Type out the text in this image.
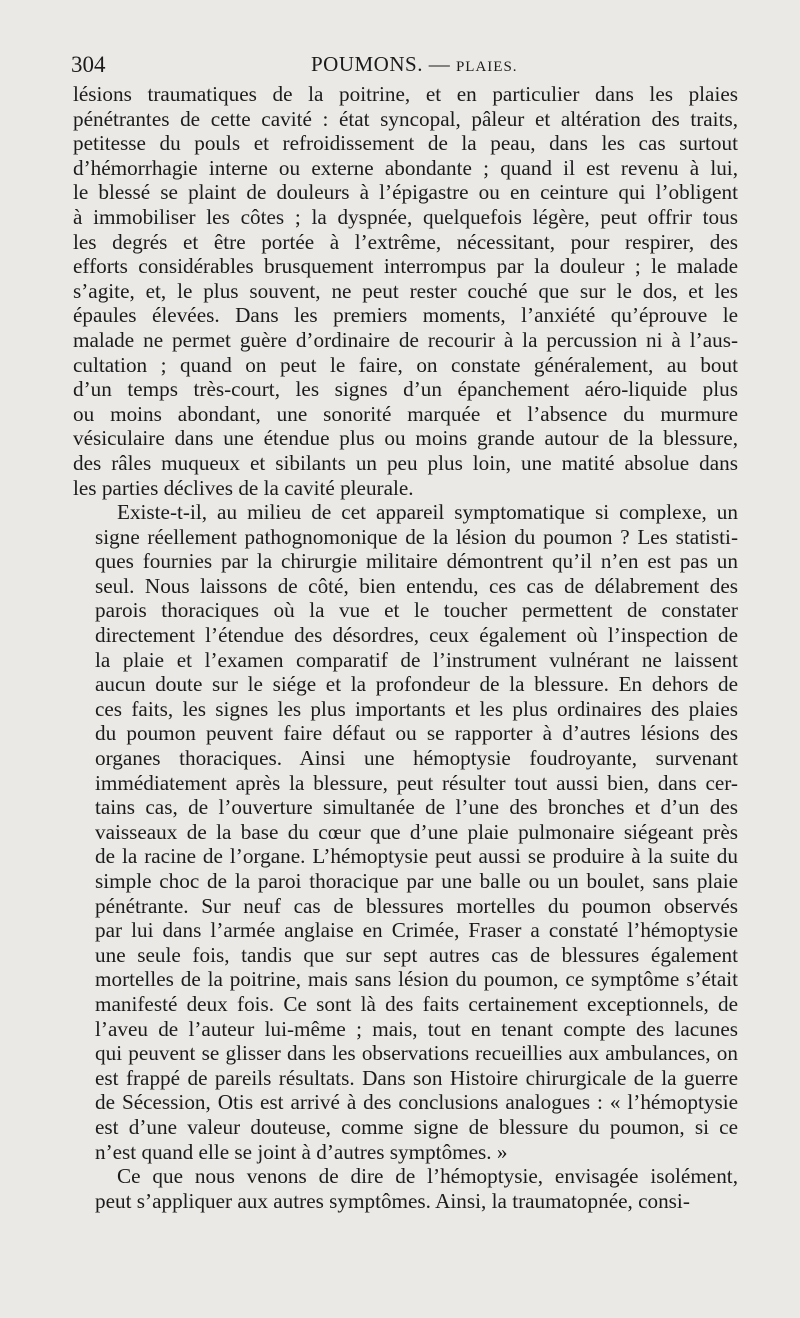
304	POUMONS. — PLAIES.
lésions traumatiques de la poitrine, et en particulier dans les plaies
pénétrantes de cette cavité : état syncopal, pâleur et altération des traits,
petitesse du pouls et refroidissement de la peau, dans les cas surtout
d’hémorrhagie interne ou externe abondante ; quand il est revenu à lui,
le blessé se plaint de douleurs à l’épigastre ou en ceinture qui l’obligent
à immobiliser les côtes ; la dyspnée, quelquefois légère, peut offrir tous
les degrés et être portée à l’extrême, nécessitant, pour respirer, des
efforts considérables brusquement interrompus par la douleur ; le malade
s’agite, et, le plus souvent, ne peut rester couché que sur le dos, et les
épaules élevées. Dans les premiers moments, l’anxiété qu’éprouve le
malade ne permet guère d’ordinaire de recourir à la percussion ni à l’aus-
cultation ; quand on peut le faire, on constate généralement, au bout
d’un temps très-court, les signes d’un épanchement aéro-liquide plus
ou moins abondant, une sonorité marquée et l’absence du murmure
vésiculaire dans une étendue plus ou moins grande autour de la blessure,
des râles muqueux et sibilants un peu plus loin, une matité absolue dans
les parties déclives de la cavité pleurale.
Existe-t-il, au milieu de cet appareil symptomatique si complexe, un
signe réellement pathognomonique de la lésion du poumon ? Les statisti-
ques fournies par la chirurgie militaire démontrent qu’il n’en est pas un
seul. Nous laissons de côté, bien entendu, ces cas de délabrement des
parois thoraciques où la vue et le toucher permettent de constater
directement l’étendue des désordres, ceux également où l’inspection de
la plaie et l’examen comparatif de l’instrument vulnérant ne laissent
aucun doute sur le siége et la profondeur de la blessure. En dehors de
ces faits, les signes les plus importants et les plus ordinaires des plaies
du poumon peuvent faire défaut ou se rapporter à d’autres lésions des
organes thoraciques. Ainsi une hémoptysie foudroyante, survenant
immédiatement après la blessure, peut résulter tout aussi bien, dans cer-
tains cas, de l’ouverture simultanée de l’une des bronches et d’un des
vaisseaux de la base du cœur que d’une plaie pulmonaire siégeant près
de la racine de l’organe. L’hémoptysie peut aussi se produire à la suite du
simple choc de la paroi thoracique par une balle ou un boulet, sans plaie
pénétrante. Sur neuf cas de blessures mortelles du poumon observés
par lui dans l’armée anglaise en Crimée, Fraser a constaté l’hémoptysie
une seule fois, tandis que sur sept autres cas de blessures également
mortelles de la poitrine, mais sans lésion du poumon, ce symptôme s’était
manifesté deux fois. Ce sont là des faits certainement exceptionnels, de
l’aveu de l’auteur lui-même ; mais, tout en tenant compte des lacunes
qui peuvent se glisser dans les observations recueillies aux ambulances, on
est frappé de pareils résultats. Dans son Histoire chirurgicale de la guerre
de Sécession, Otis est arrivé à des conclusions analogues : « l’hémoptysie
est d’une valeur douteuse, comme signe de blessure du poumon, si ce
n’est quand elle se joint à d’autres symptômes. »
Ce que nous venons de dire de l’hémoptysie, envisagée isolément,
peut s’appliquer aux autres symptômes. Ainsi, la traumatopnée, consi-
